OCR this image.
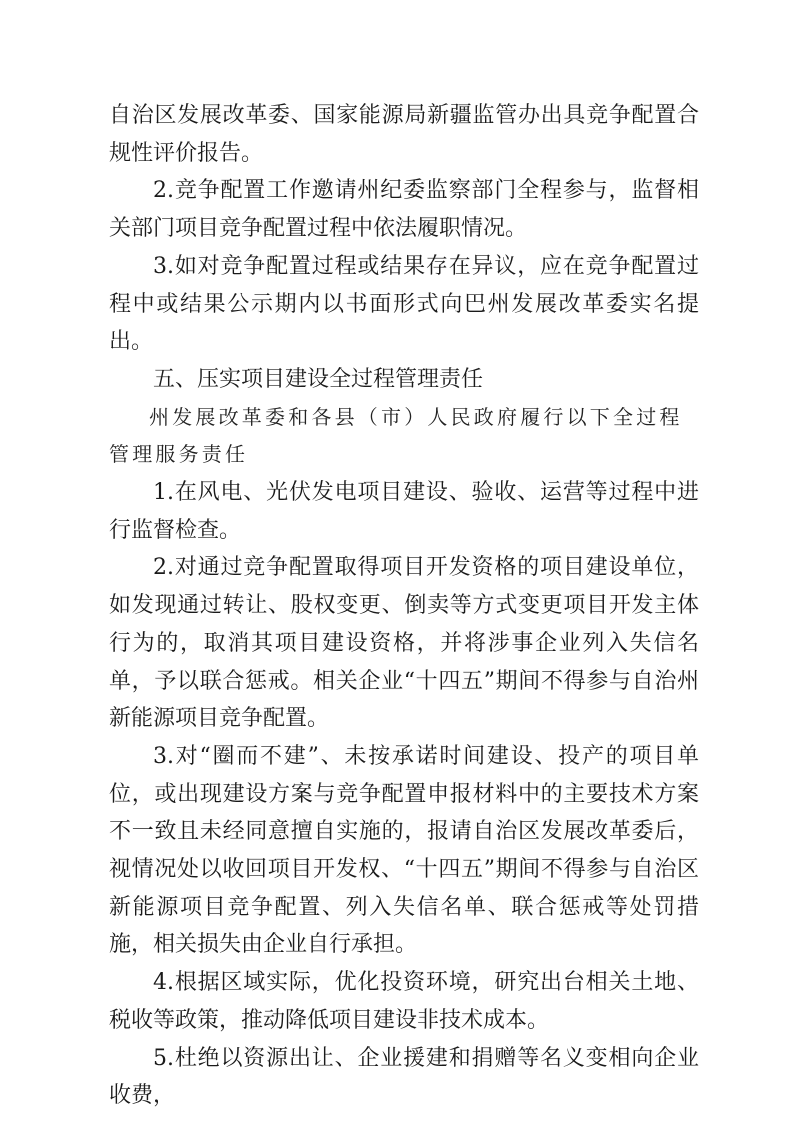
自治区发展改革委、国家能源局新疆监管办出具竞争配置合规性评价报告。

2.竞争配置工作邀请州纪委监察部门全程参与，监督相关部门项目竞争配置过程中依法履职情况。

3.如对竞争配置过程或结果存在异议，应在竞争配置过程中或结果公示期内以书面形式向巴州发展改革委实名提出。

五、压实项目建设全过程管理责任

州发展改革委和各县（市）人民政府履行以下全过程管理服务责任

1.在风电、光伏发电项目建设、验收、运营等过程中进行监督检查。

2.对通过竞争配置取得项目开发资格的项目建设单位，如发现通过转让、股权变更、倒卖等方式变更项目开发主体行为的，取消其项目建设资格，并将涉事企业列入失信名单，予以联合惩戒。相关企业“十四五”期间不得参与自治州新能源项目竞争配置。

3.对“圈而不建”、未按承诺时间建设、投产的项目单位，或出现建设方案与竞争配置申报材料中的主要技术方案不一致且未经同意擅自实施的，报请自治区发展改革委后，视情况处以收回项目开发权、“十四五”期间不得参与自治区新能源项目竞争配置、列入失信名单、联合惩戒等处罚措施，相关损失由企业自行承担。

4.根据区域实际，优化投资环境，研究出台相关土地、税收等政策，推动降低项目建设非技术成本。

5.杜绝以资源出让、企业援建和捐赠等名义变相向企业收费，
